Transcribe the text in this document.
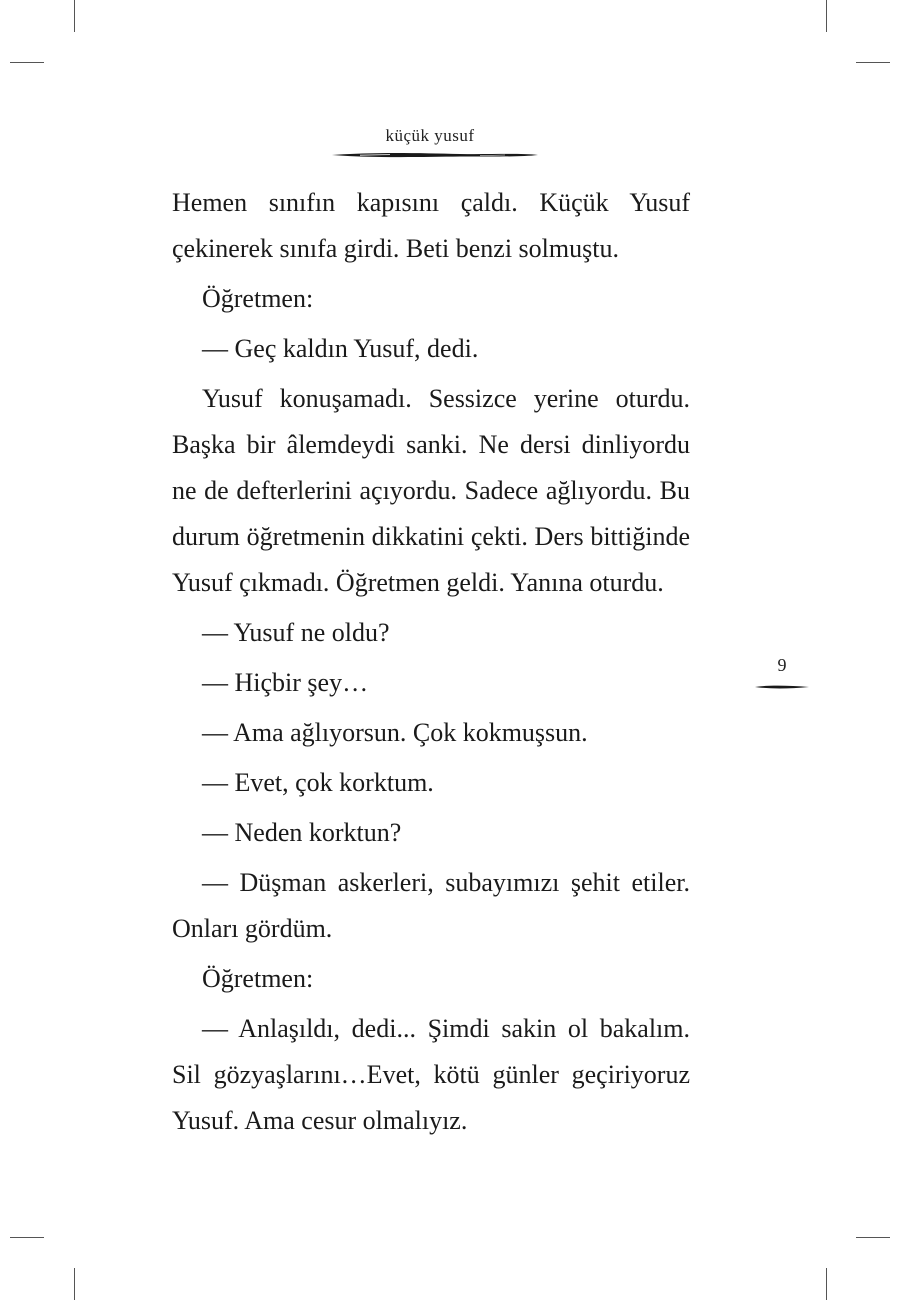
küçük yusuf

Hemen sınıfın kapısını çaldı. Küçük Yusuf çekinerek sınıfa girdi. Beti benzi solmuştu.

Öğretmen:

— Geç kaldın Yusuf, dedi.

Yusuf konuşamadı. Sessizce yerine oturdu. Başka bir âlemdeydi sanki. Ne dersi dinliyordu ne de defterlerini açıyordu. Sadece ağlıyordu. Bu durum öğretmenin dikkatini çekti. Ders bittiğinde Yusuf çıkmadı. Öğretmen geldi. Yanına oturdu.

— Yusuf ne oldu?

— Hiçbir şey…

— Ama ağlıyorsun. Çok kokmuşsun.

— Evet, çok korktum.

— Neden korktun?

— Düşman askerleri, subayımızı şehit etiler. Onları gördüm.

Öğretmen:

— Anlaşıldı, dedi... Şimdi sakin ol bakalım. Sil gözyaşlarını…Evet, kötü günler geçiriyoruz Yusuf. Ama cesur olmalıyız.

9
